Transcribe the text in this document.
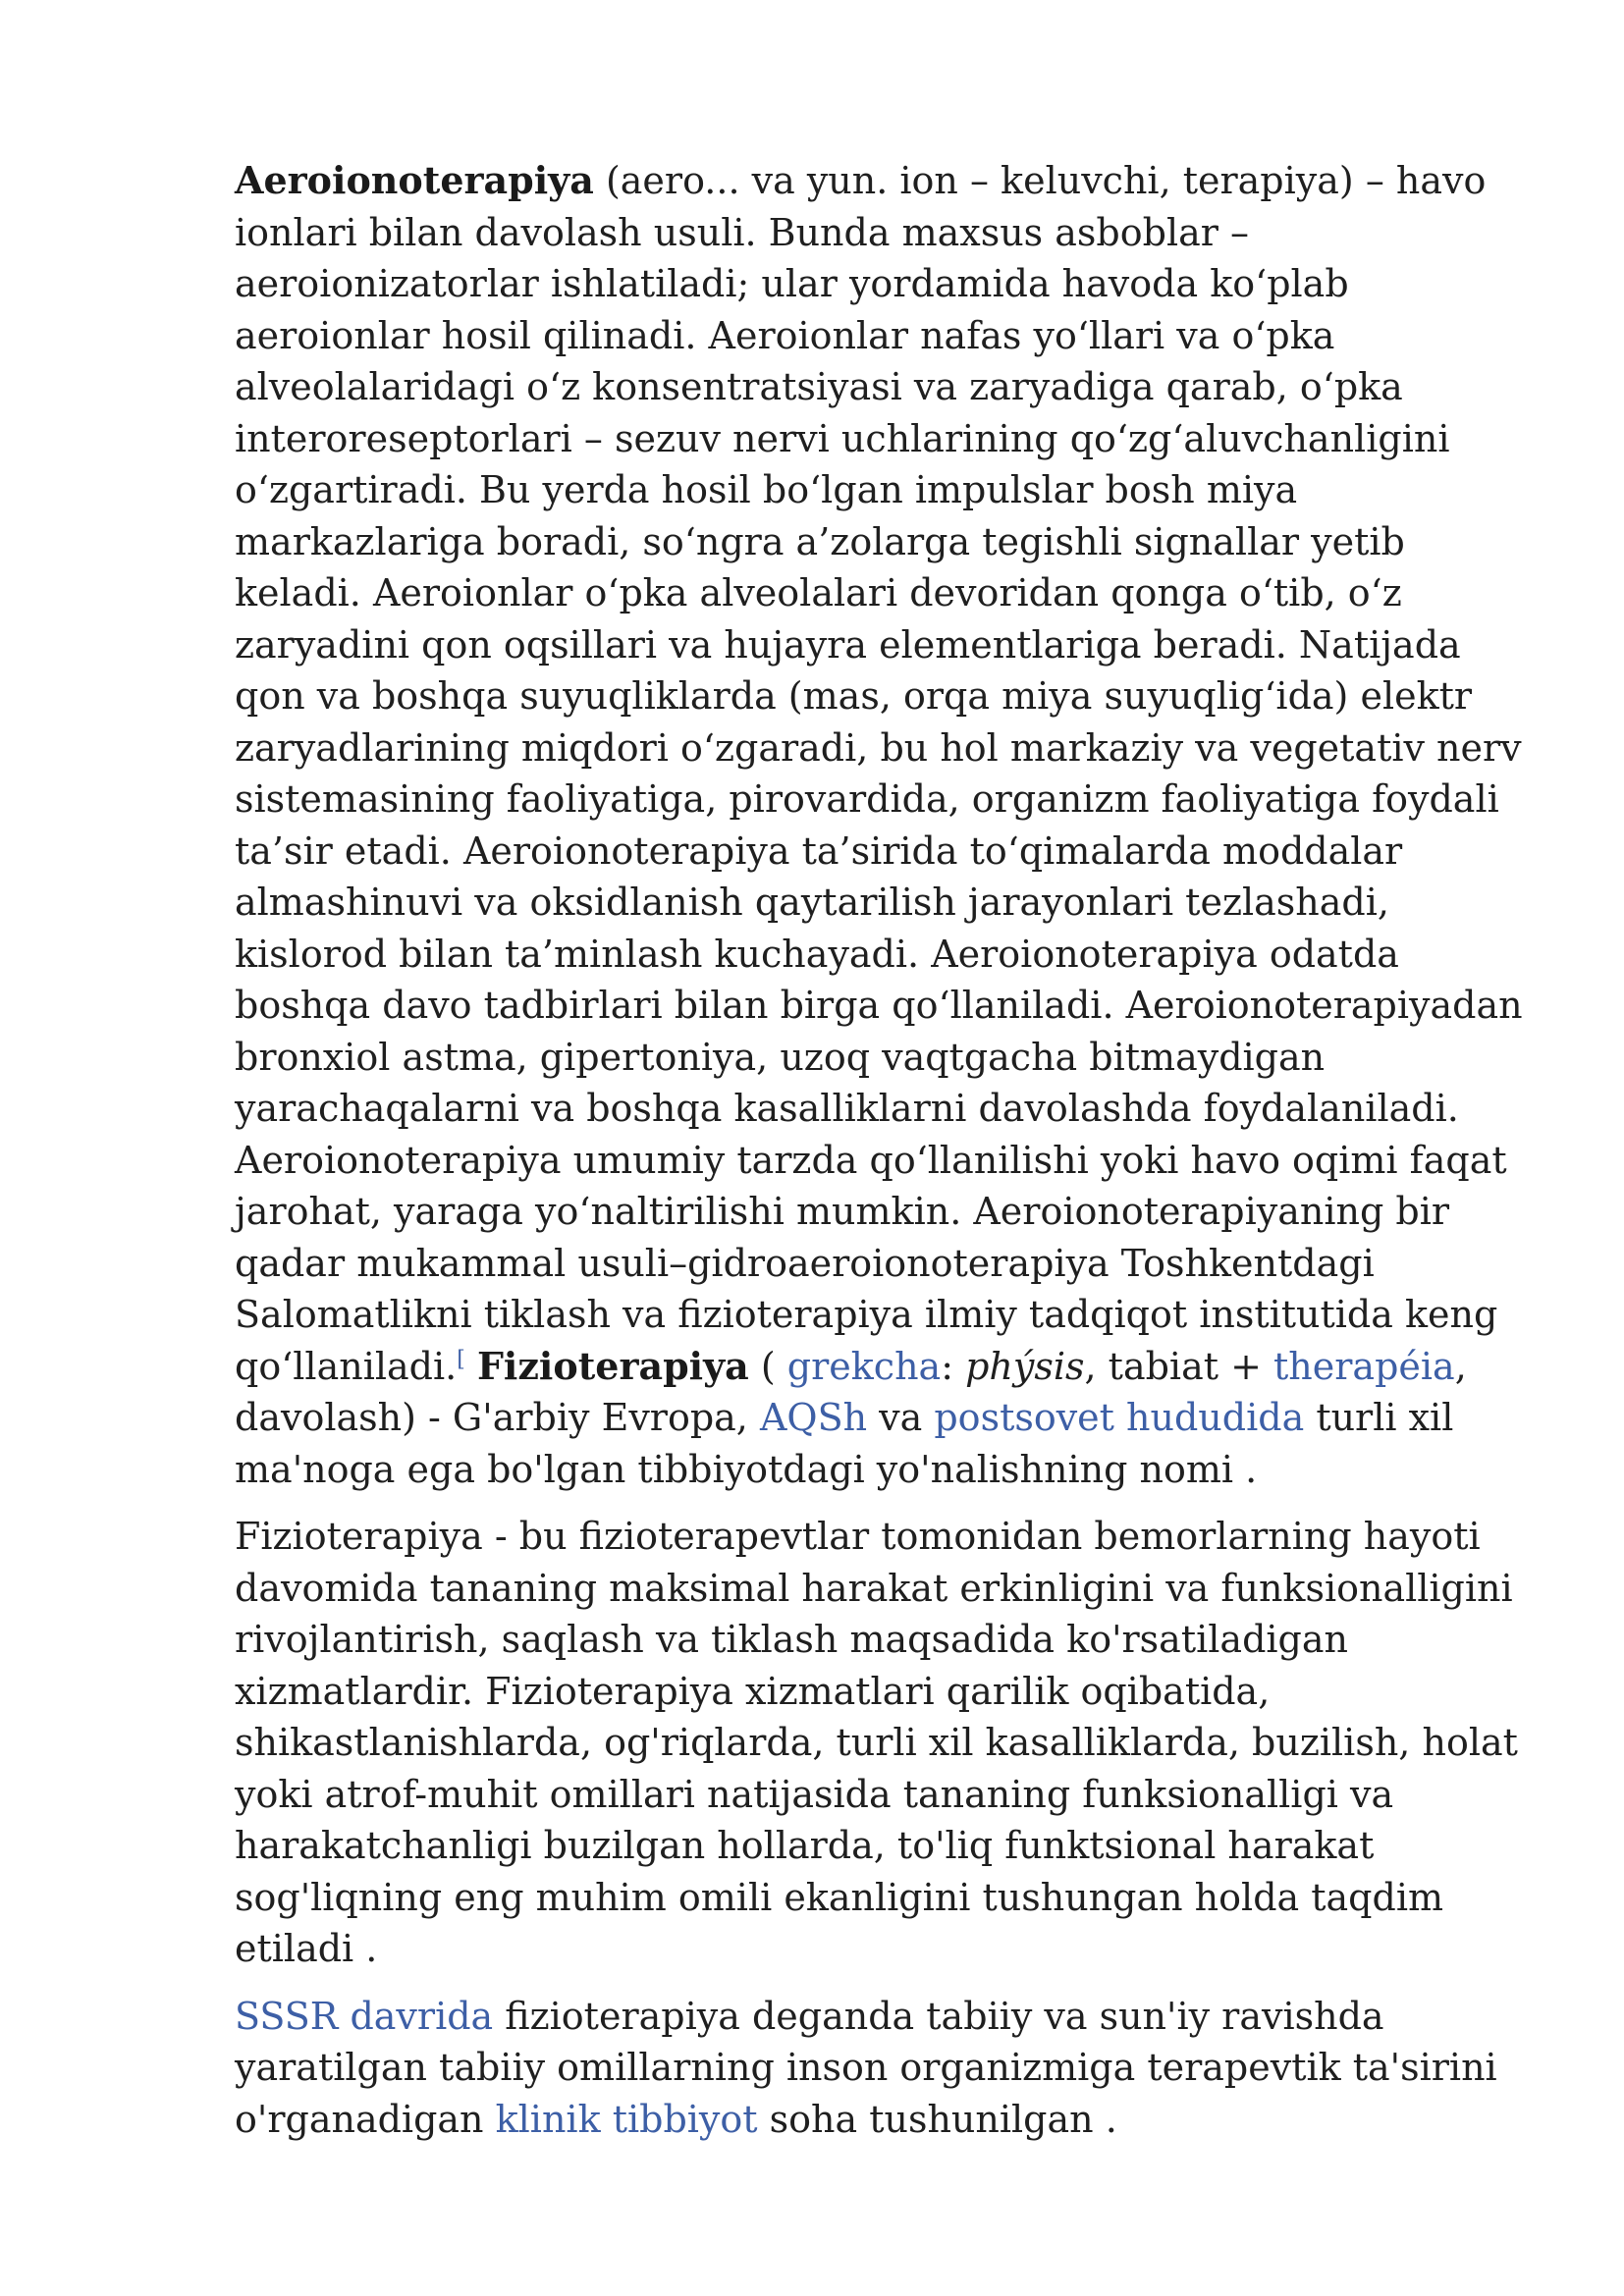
Aeroionoterapiya (aero... va yun. ion – keluvchi, terapiya) – havo ionlari bilan davolash usuli. Bunda maxsus asboblar – aeroionizatorlar ishlatiladi; ular yordamida havoda koʻplab aeroionlar hosil qilinadi. Aeroionlar nafas yoʻllari va oʻpka alveolalaridagi oʻz konsentratsiyasi va zaryadiga qarab, oʻpka interoreseptorlari – sezuv nervi uchlarining qoʻzgʻaluvchanligini oʻzgartiradi. Bu yerda hosil boʻlgan impulslar bosh miya markazlariga boradi, soʻngra a’zolarga tegishli signallar yetib keladi. Aeroionlar oʻpka alveolalari devoridan qonga oʻtib, oʻz zaryadini qon oqsillari va hujayra elementlariga beradi. Natijada qon va boshqa suyuqliklarda (mas, orqa miya suyuqligʻida) elektr zaryadlarining miqdori oʻzgaradi, bu hol markaziy va vegetativ nerv sistemasining faoliyatiga, pirovardida, organizm faoliyatiga foydali ta’sir etadi. Aeroionoterapiya ta’sirida toʻqimalarda moddalar almashinuvi va oksidlanish qaytarilish jarayonlari tezlashadi, kislorod bilan ta’minlash kuchayadi. Aeroionoterapiya odatda boshqa davo tadbirlari bilan birga qoʻllaniladi. Aeroionoterapiyadan bronxiol astma, gipertoniya, uzoq vaqtgacha bitmaydigan yarachaqalarni va boshqa kasalliklarni davolashda foydalaniladi. Aeroionoterapiya umumiy tarzda qoʻllanilishi yoki havo oqimi faqat jarohat, yaraga yoʻnaltirilishi mumkin. Aeroionoterapiyaning bir qadar mukammal usuli–gidroaeroionoterapiya Toshkentdagi Salomatlikni tiklash va fizioterapiya ilmiy tadqiqot institutida keng qoʻllaniladi.[ Fizioterapiya ( grekcha: phýsis, tabiat + therapéia, davolash) - G'arbiy Evropa, AQSh va postsovet hududida turli xil ma'noga ega bo'lgan tibbiyotdagi yo'nalishning nomi .

Fizioterapiya - bu fizioterapevtlar tomonidan bemorlarning hayoti davomida tananing maksimal harakat erkinligini va funksionalligini rivojlantirish, saqlash va tiklash maqsadida ko'rsatiladigan xizmatlardir. Fizioterapiya xizmatlari qarilik oqibatida, shikastlanishlarda, og'riqlarda, turli xil kasalliklarda, buzilish, holat yoki atrof-muhit omillari natijasida tananing funksionalligi va harakatchanligi buzilgan hollarda, to'liq funktsional harakat sog'liqning eng muhim omili ekanligini tushungan holda taqdim etiladi .

SSSR davrida fizioterapiya deganda tabiiy va sun'iy ravishda yaratilgan tabiiy omillarning inson organizmiga terapevtik ta'sirini o'rganadigan klinik tibbiyot soha tushunilgan .
